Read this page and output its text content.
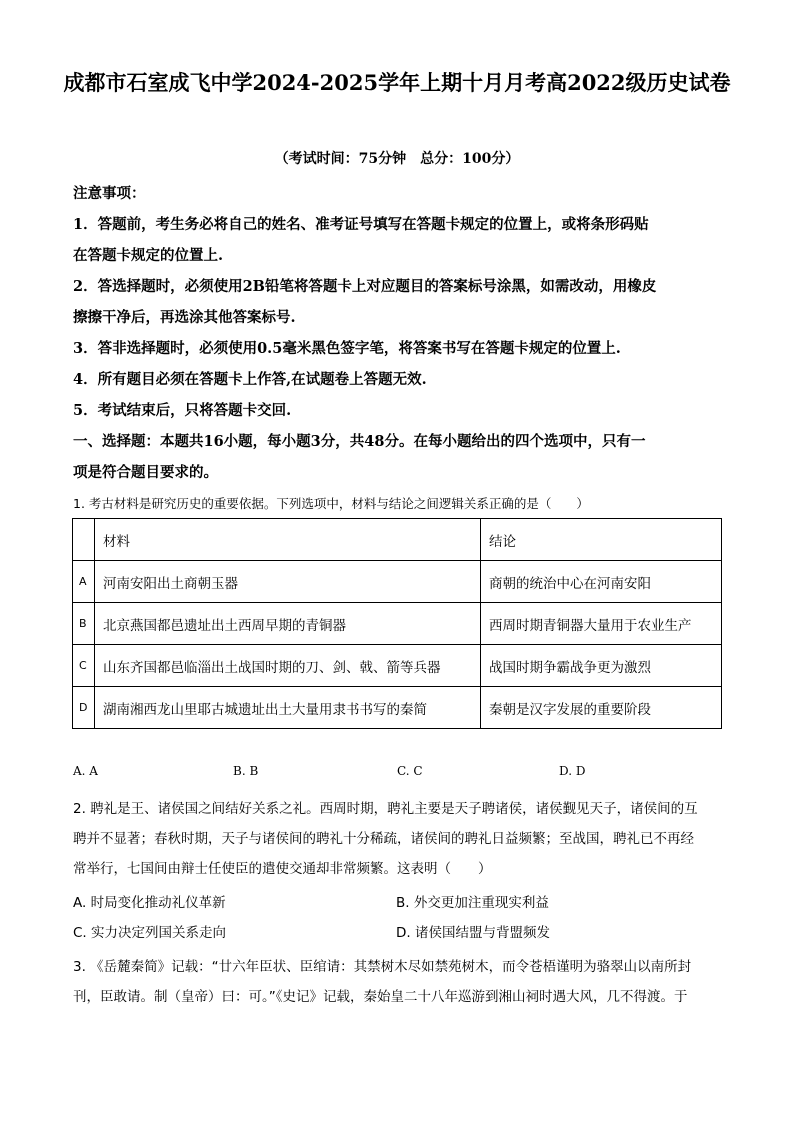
成都市石室成飞中学2024-2025学年上期十月月考高2022级历史试卷
（考试时间：75分钟　总分：100分）

注意事项：

1．答题前，考生务必将自己的姓名、准考证号填写在答题卡规定的位置上，或将条形码贴

在答题卡规定的位置上.

2．答选择题时，必须使用2B铅笔将答题卡上对应题目的答案标号涂黑，如需改动，用橡皮

擦擦干净后，再选涂其他答案标号.

3．答非选择题时，必须使用0.5毫米黑色签字笔，将答案书写在答题卡规定的位置上.

4．所有题目必须在答题卡上作答,在试题卷上答题无效.

5．考试结束后，只将答题卡交回.

一、选择题：本题共16小题，每小题3分，共48分。在每小题给出的四个选项中，只有一

项是符合题目要求的。

1. 考古材料是研究历史的重要依据。下列选项中，材料与结论之间逻辑关系正确的是（　　）

	材料	结论
A	河南安阳出土商朝玉器	商朝的统治中心在河南安阳
B	北京燕国都邑遗址出土西周早期的青铜器	西周时期青铜器大量用于农业生产
C	山东齐国都邑临淄出土战国时期的刀、剑、戟、箭等兵器	战国时期争霸战争更为激烈
D	湖南湘西龙山里耶古城遗址出土大量用隶书书写的秦简	秦朝是汉字发展的重要阶段
A. A	B. B	C. C	D. D

2. 聘礼是王、诸侯国之间结好关系之礼。西周时期，聘礼主要是天子聘诸侯，诸侯觐见天子，诸侯间的互

聘并不显著；春秋时期，天子与诸侯间的聘礼十分稀疏，诸侯间的聘礼日益频繁；至战国，聘礼已不再经

常举行，七国间由辩士任使臣的遣使交通却非常频繁。这表明（　　）

A. 时局变化推动礼仪革新	B. 外交更加注重现实利益
C. 实力决定列国关系走向	D. 诸侯国结盟与背盟频发

3. 《岳麓秦简》记载：“廿六年臣状、臣绾请：其禁树木尽如禁苑树木，而令苍梧谨明为骆翠山以南所封

刊，臣敢请。制（皇帝）曰：可。”《史记》记载，秦始皇二十八年巡游到湘山祠时遇大风，几不得渡。于
